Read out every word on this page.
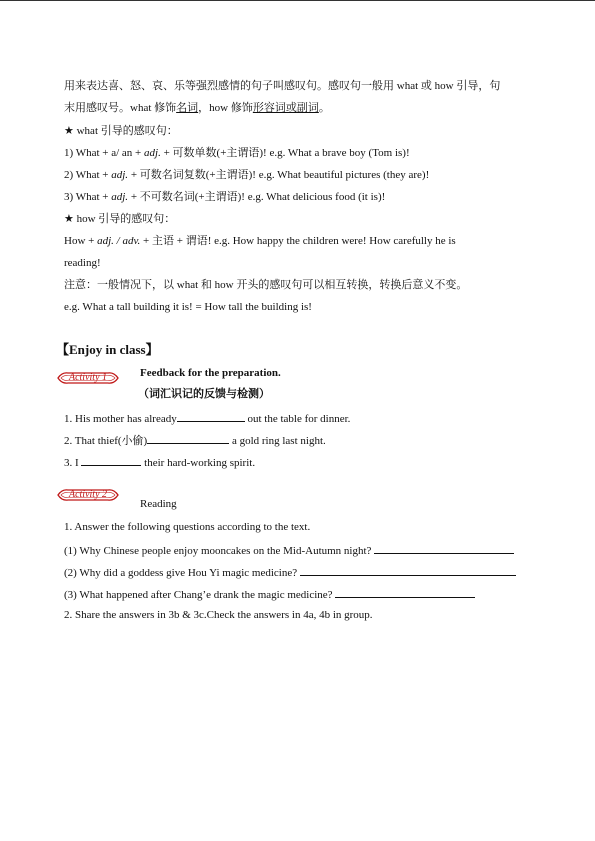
用来表达喜、怒、哀、乐等强烈感情的句子叫感叹句。感叹句一般用 what 或 how 引导，句
末用感叹号。what 修饰名词，how 修饰形容词或副词。
★ what 引导的感叹句：
1) What + a/ an + adj. + 可数单数(+主谓语)! e.g. What a brave boy (Tom is)!
2) What + adj. + 可数名词复数(+主谓语)! e.g. What beautiful pictures (they are)!
3) What + adj. + 不可数名词(+主谓语)! e.g. What delicious food (it is)!
★ how 引导的感叹句：
How + adj. / adv. + 主语 + 谓语! e.g. How happy the children were! How carefully he is
reading!
注意：一般情况下，以 what 和 how 开头的感叹句可以相互转换，转换后意义不变。
e.g. What a tall building it is! = How tall the building is!
【Enjoy in class】
Activity 1	Feedback for the preparation.
（词汇识记的反馈与检测）
1. His mother has already	out the table for dinner.
2. That thief(小偷)	a gold ring last night.
3. I	their hard-working spirit.
Activity 2
Reading
1. Answer the following questions according to the text.
(1) Why Chinese people enjoy mooncakes on the Mid-Autumn night?
(2) Why did a goddess give Hou Yi magic medicine?
(3) What happened after Chang’e drank the magic medicine?
2. Share the answers in 3b & 3c.Check the answers in 4a, 4b in group.
